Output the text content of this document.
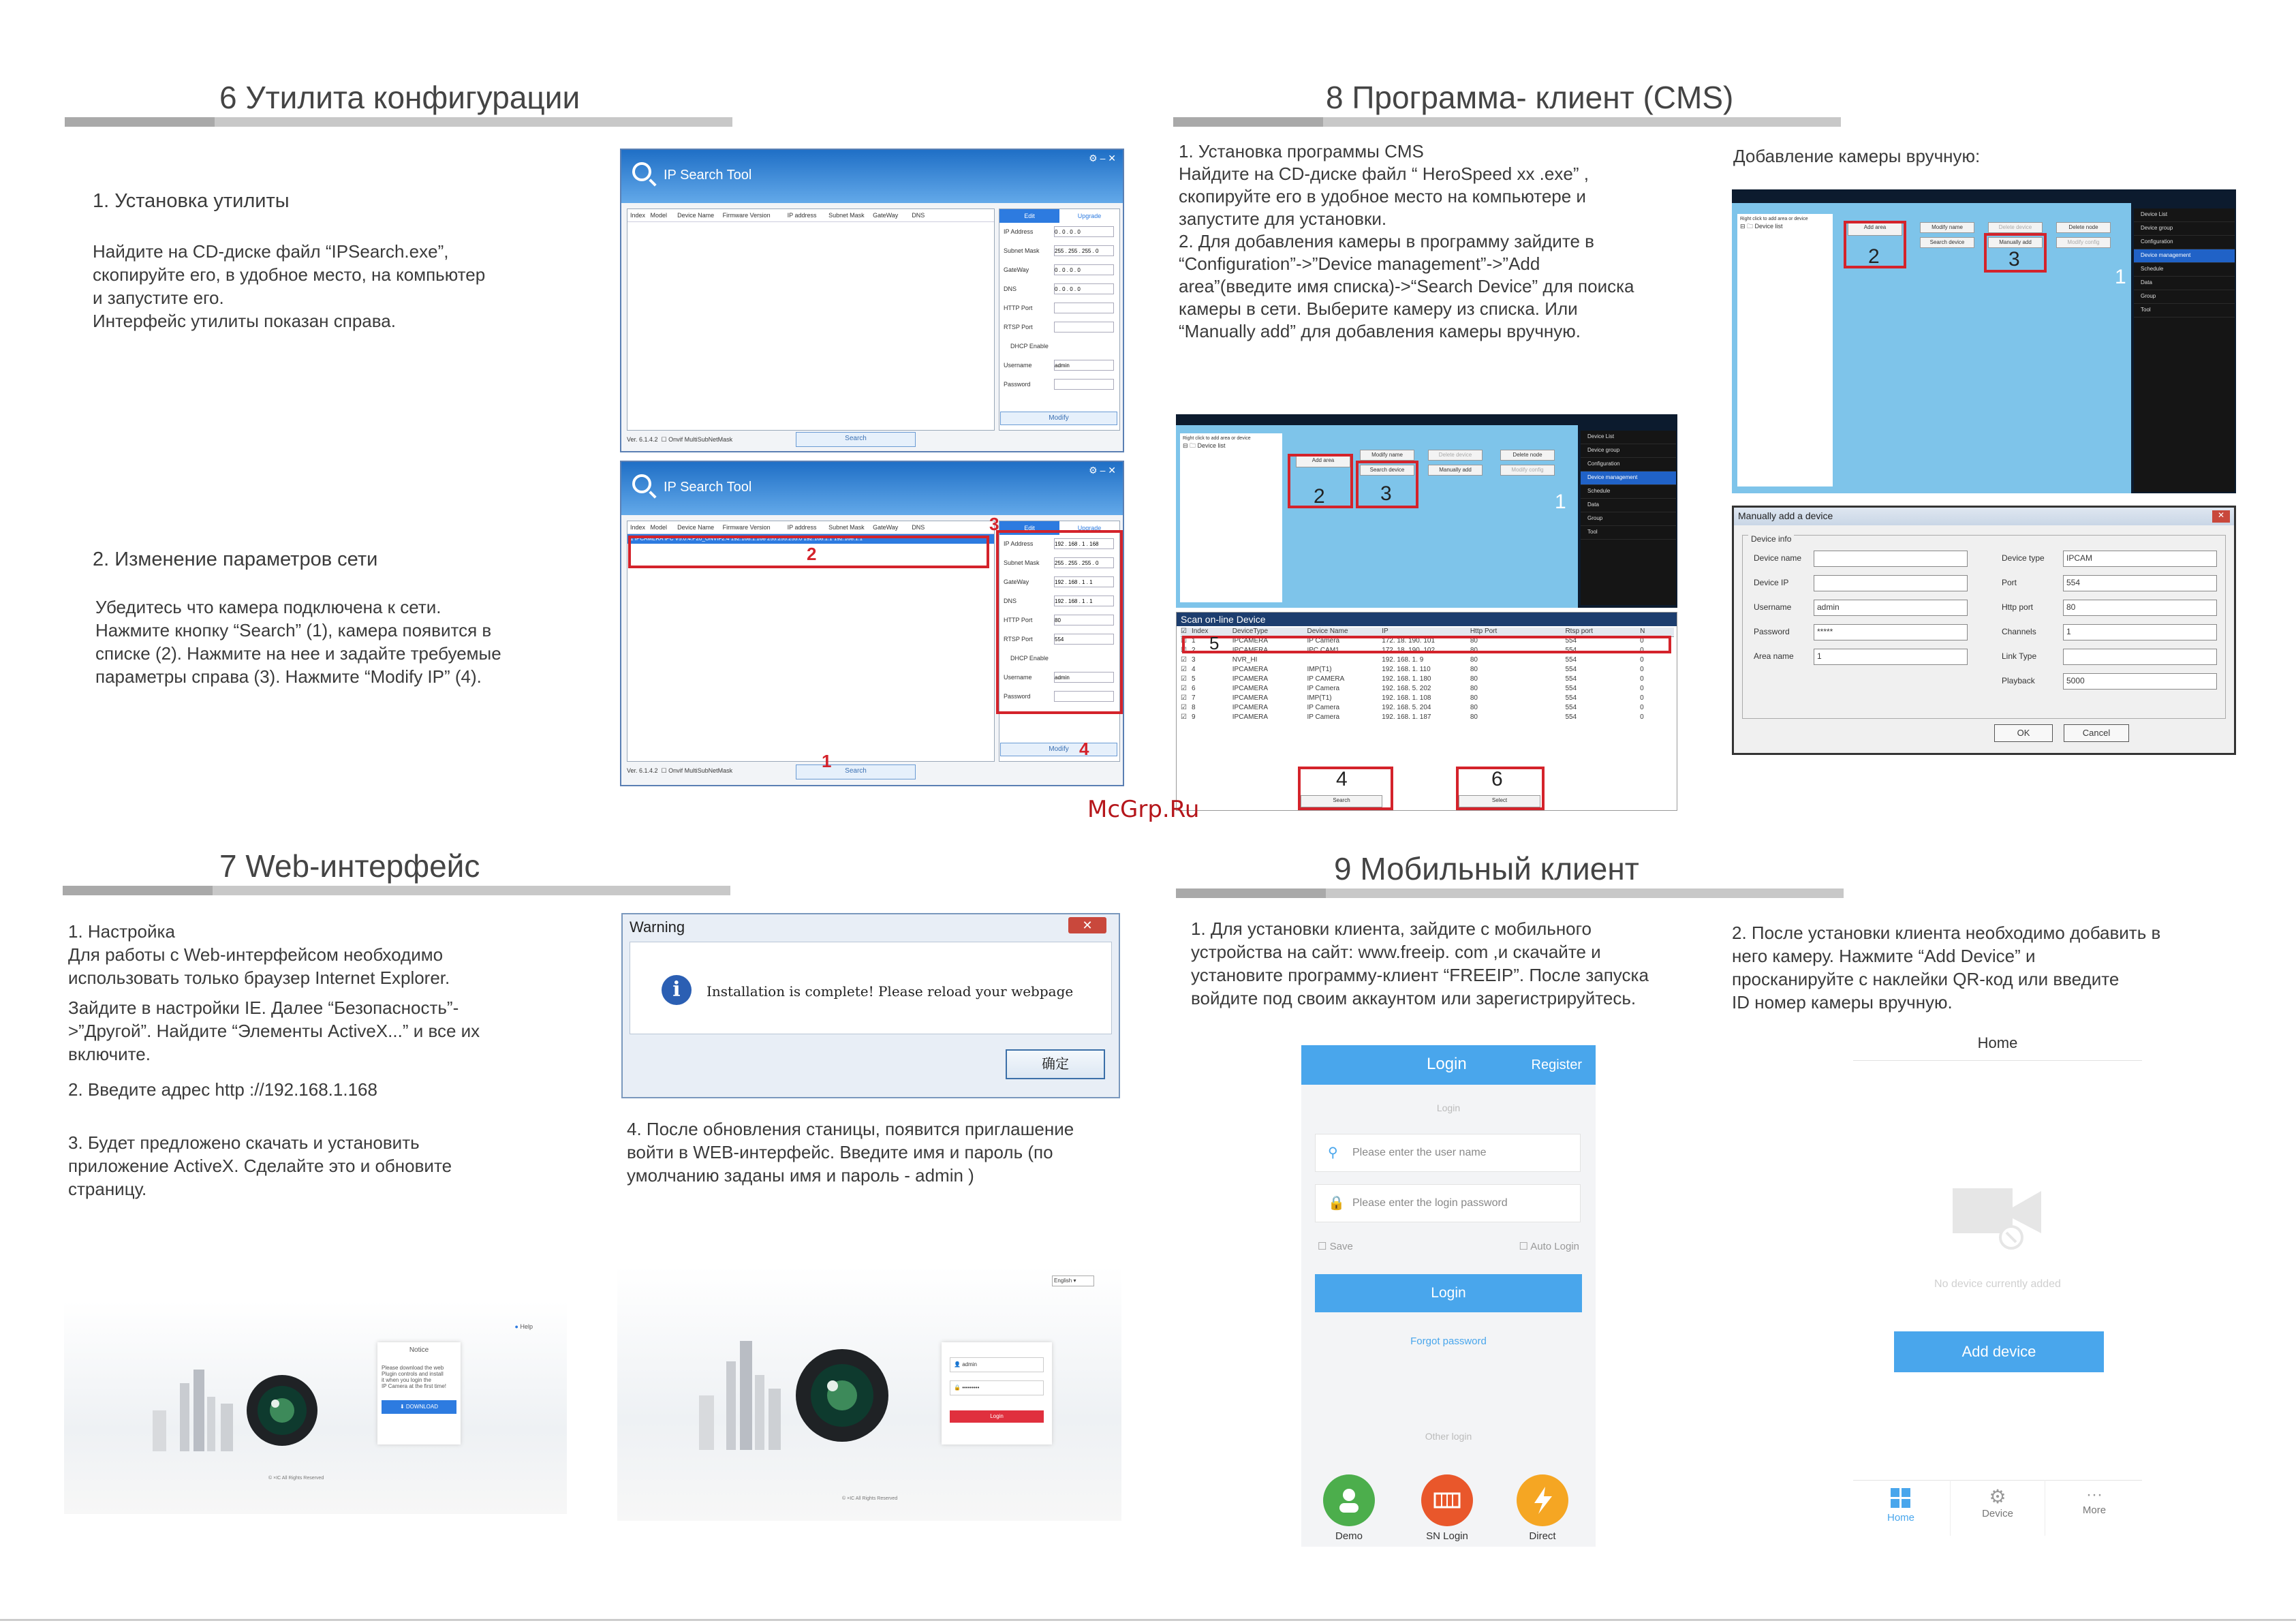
6 Утилита конфигурации
1. Установка утилиты

Найдите на CD-диске файл “IPSearch.exe”,

скопируйте его, в удобное место, на компьютер

и запустите его.

Интерфейс утилиты показан справа.

2. Изменение параметров сети

Убедитесь что камера подключена к сети.

Нажмите кнопку “Search” (1), камера появится в

списке (2). Нажмите на нее и задайте требуемые

параметры справа (3). Нажмите “Modify IP” (4).

IP Search Tool
⚙ – ✕
Index Model Device Name Firmware Version	IP address Subnet Mask GateWay DNS	Edit	Upgrade
IP Address
0 . 0 . 0 . 0
Subnet Mask
255 . 255 . 255 . 0
GateWay
0 . 0 . 0 . 0
DNS
0 . 0 . 0 . 0
HTTP Port
RTSP Port
DHCP Enable
Username
admin
Password
Modify
Ver. 6.1.4.2  ☐ Onvif MultiSubNetMask	Search
IP Search Tool
⚙ – ✕
Index Model Device Name Firmware Version	IP address Subnet Mask GateWay DNS
1 IPCAMERA IPC V5.0.4.P20_ONVIF2.4 192.168.1.168 255.255.255.0 192.168.1.1 192.168.1.1
Edit	Upgrade
IP Address
192 . 168 . 1 . 168
Subnet Mask
255 . 255 . 255 . 0
GateWay
192 . 168 . 1 . 1
DNS
192 . 168 . 1 . 1
HTTP Port
80
RTSP Port
554
DHCP Enable
Username
admin
Password
Modify
Ver. 6.1.4.2  ☐ Onvif MultiSubNetMask	Search
2
3
4
1
7 Web-интерфейс

1. Настройка

Для работы с Web-интерфейсом необходимо

использовать только браузер Internet Explorer.

Зайдите в настройки IE. Далее “Безопасность”-

>”Другой”. Найдите “Элементы ActiveX...” и все их

включите.

2. Введите адрес http ://192.168.1.168

3. Будет предложено скачать и установить

приложение ActiveX. Сделайте это и обновите

страницу.

4. После обновления станицы, появится приглашение

войти в WEB-интерфейс. Введите имя и пароль (по

умолчанию заданы имя и пароль - admin )

Warning	✕
i	Installation is complete! Please reload your webpage
确定
● Help
Notice
Please download the web
Plugin controls and install
it when you login the
IP Camera at the first time!
⬇ DOWNLOAD
© ×IC All Rights Reserved
English ▾
👤 admin
🔒 •••••••••
Login
© ×IC All Rights Reserved
8 Программа- клиент (CMS)

1. Установка программы CMS

Найдите на CD-диске файл “ HeroSpeed xx .exe” ,

скопируйте его в удобное место на компьютере и

запустите для установки.

2. Для добавления камеры в программу зайдите в

“Configuration”->”Device management”->”Add

area”(введите имя списка)->“Search Device” для поиска

камеры в сети. Выберите камеру из списка. Или

“Manually add” для добавления камеры вручную.

Добавление камеры вручную:
Right click to add area or device
⊟ 🗀 Device list
Add area
Modify name
Search device
Delete device
Manually add
Delete node
Modify config
2	3	1
Device List
Device group
Configuration
Device management
Schedule
Data
Group
Tool
Scan on-line Device
☑ Index	DeviceType	Device Name	IP	Http Port	Rtsp port	N
☑ 1	IPCAMERA	IP Camera	172. 18. 190. 101	80	554	0
☑ 2	IPCAMERA	IPC CAM1	172. 18. 190. 102	80	554	0
☑ 3	NVR_HI	192. 168. 1. 9	80	554	0
☑ 4	IPCAMERA	IMP(T1)	192. 168. 1. 110	80	554	0
☑ 5	IPCAMERA	IP CAMERA	192. 168. 1. 180	80	554	0
☑ 6	IPCAMERA	IP Camera	192. 168. 5. 202	80	554	0
☑ 7	IPCAMERA	IMP(T1)	192. 168. 1. 108	80	554	0
☑ 8	IPCAMERA	IP Camera	192. 168. 5. 204	80	554	0
☑ 9	IPCAMERA	IP Camera	192. 168. 1. 187	80	554	0
5
Search	Select
4	6
Right click to add area or device
⊟ 🗀 Device list	Add area	Modify name
Search device
Delete device
Manually add
Delete node
Modify config
2	3
1
Device List
Device group
Configuration
Device management
Schedule
Data
Group
Tool
Manually add a device	✕
Device info
Device name
Device IP
Username	admin
Password	*****
Area name	1
Device type	IPCAM
Port	554
Http port	80
Channels	1
Link Type
Playback	5000
OK	Cancel
McGrp.Ru
9 Мобильный клиент

1. Для установки клиента, зайдите с мобильного

устройства на сайт: www.freeip. com ,и скачайте и

установите программу-клиент “FREEIP”. После запуска

войдите под своим аккаунтом или зарегистрируйтесь.

2. После установки клиента необходимо добавить в

него камеру. Нажмите “Add Device” и

просканируйте с наклейки QR-код или введите

ID номер камеры вручную.

Login	Register
Login
⚲ Please enter the user name
🔒 Please enter the login password
☐ Save	☐ Auto Login
Login
Forgot password
Other login
Demo	SN Login	Direct
Home
No device currently added
Add device
Home
⚙
Device
···
More
